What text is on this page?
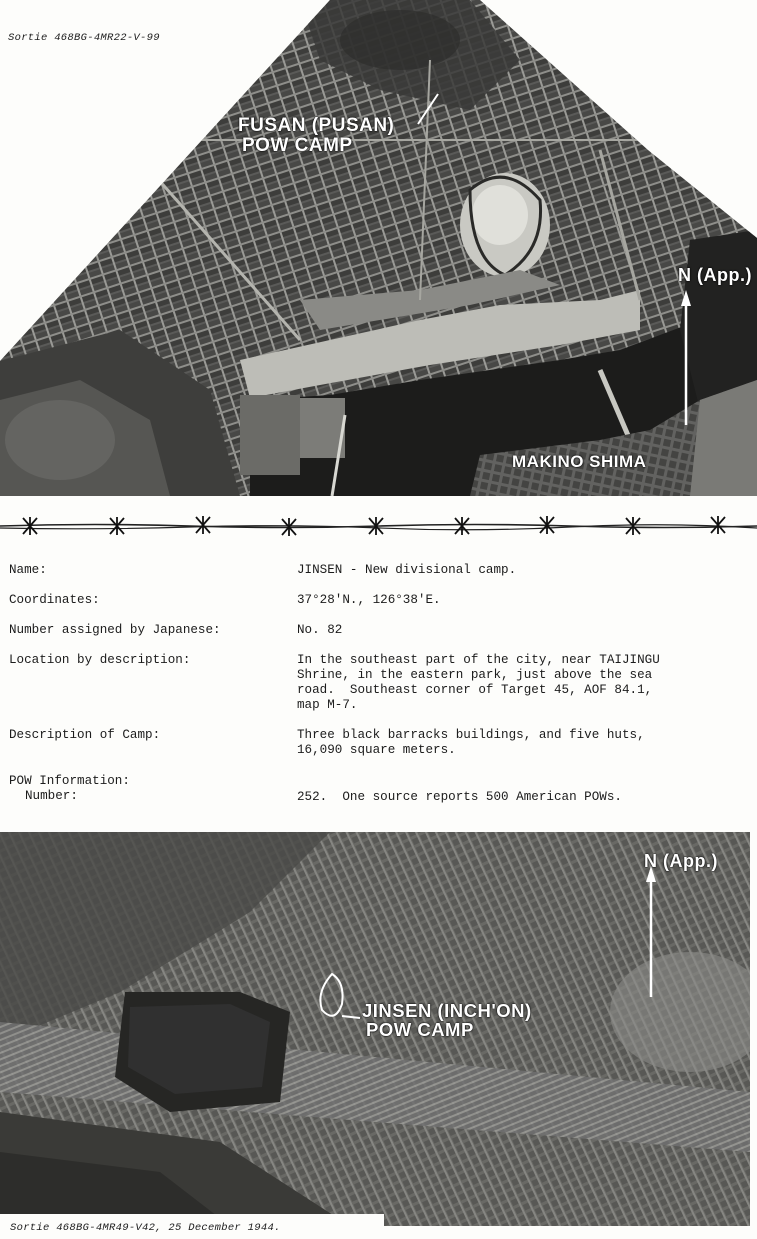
Sortie 468BG-4MR22-V-99
FUSAN (PUSAN)
POW CAMP
N (App.)
MAKINO SHIMA
Name:	JINSEN - New divisional camp.
Coordinates:	37°28'N., 126°38'E.
Number assigned by Japanese:	No. 82
Location by description:	In the southeast part of the city, near TAIJINGU
Shrine, in the eastern park, just above the sea
road.  Southeast corner of Target 45, AOF 84.1,
map M-7.
Description of Camp:	Three black barracks buildings, and five huts,
16,090 square meters.
POW Information:
Number:	252.  One source reports 500 American POWs.
N (App.)
JINSEN (INCH'ON)
POW CAMP
Sortie 468BG-4MR49-V42, 25 December 1944.
